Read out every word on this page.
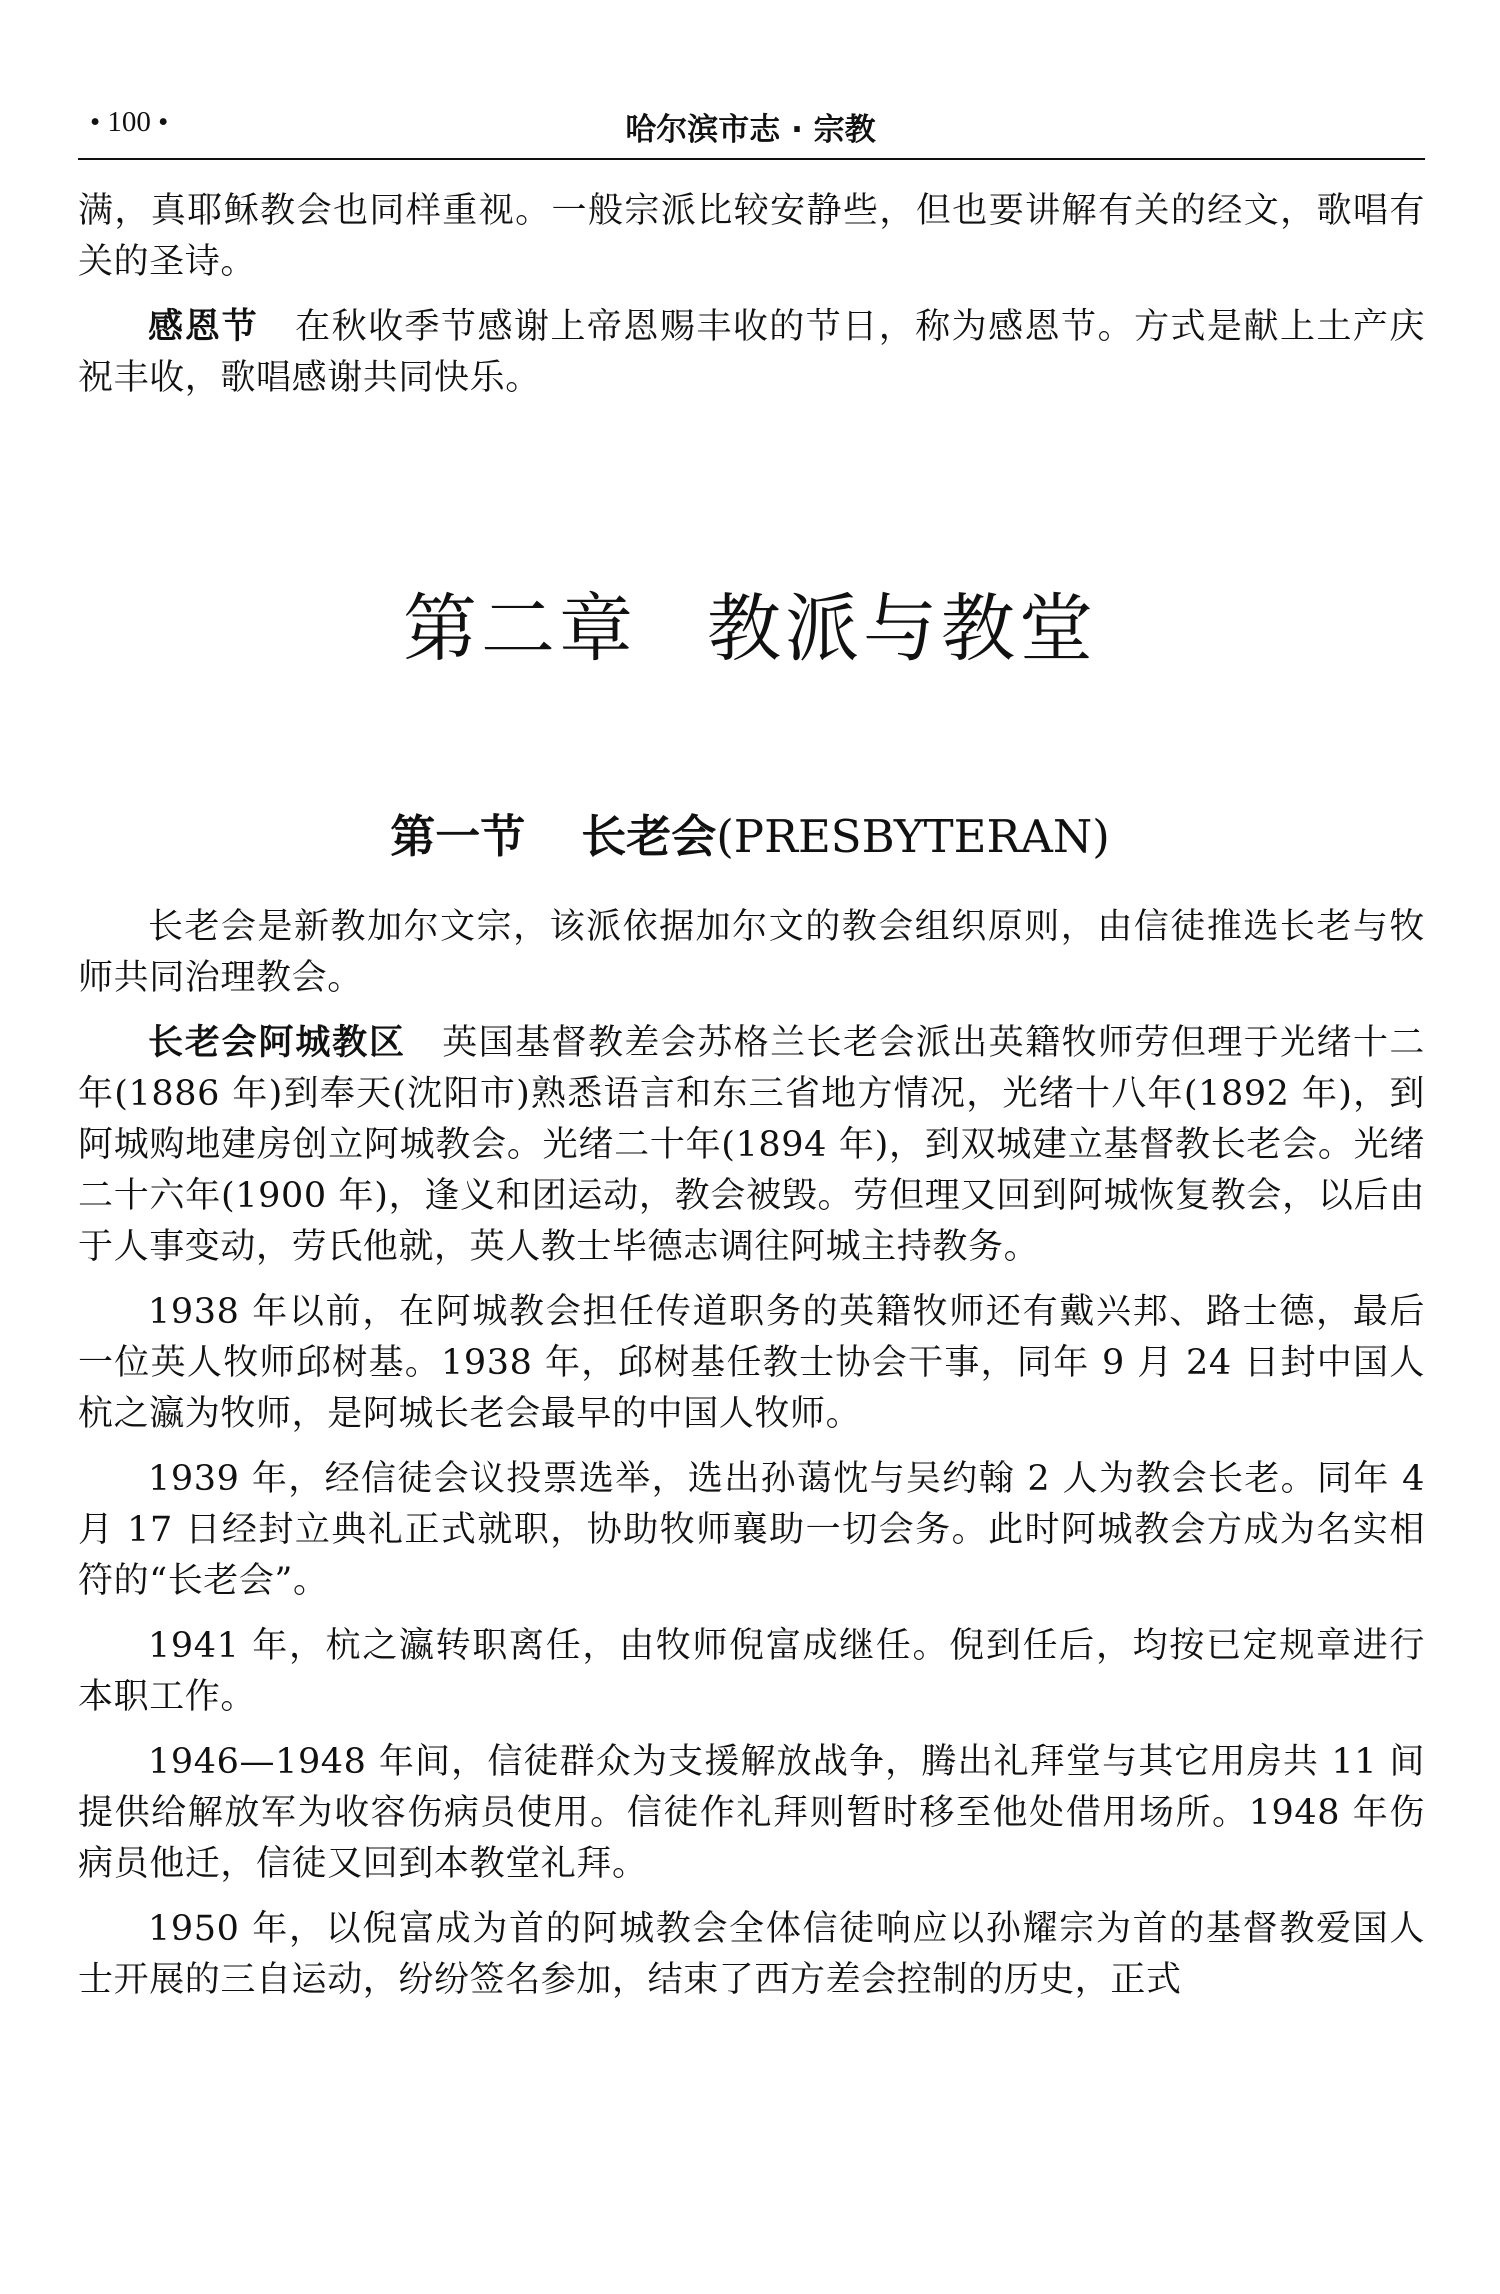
• 100 •	哈尔滨市志 · 宗教

满，真耶稣教会也同样重视。一般宗派比较安静些，但也要讲解有关的经文，歌唱有关的圣诗。

感恩节　在秋收季节感谢上帝恩赐丰收的节日，称为感恩节。方式是献上土产庆祝丰收，歌唱感谢共同快乐。

第二章 教派与教堂
第一节 长老会(PRESBYTERAN)

长老会是新教加尔文宗，该派依据加尔文的教会组织原则，由信徒推选长老与牧师共同治理教会。

长老会阿城教区　英国基督教差会苏格兰长老会派出英籍牧师劳但理于光绪十二年(1886 年)到奉天(沈阳市)熟悉语言和东三省地方情况，光绪十八年(1892 年)，到阿城购地建房创立阿城教会。光绪二十年(1894 年)，到双城建立基督教长老会。光绪二十六年(1900 年)，逢义和团运动，教会被毁。劳但理又回到阿城恢复教会，以后由于人事变动，劳氏他就，英人教士毕德志调往阿城主持教务。

1938 年以前，在阿城教会担任传道职务的英籍牧师还有戴兴邦、路士德，最后一位英人牧师邱树基。1938 年，邱树基任教士协会干事，同年 9 月 24 日封中国人杭之瀛为牧师，是阿城长老会最早的中国人牧师。

1939 年，经信徒会议投票选举，选出孙蔼忱与吴约翰 2 人为教会长老。同年 4 月 17 日经封立典礼正式就职，协助牧师襄助一切会务。此时阿城教会方成为名实相符的“长老会”。

1941 年，杭之瀛转职离任，由牧师倪富成继任。倪到任后，均按已定规章进行本职工作。

1946—1948 年间，信徒群众为支援解放战争，腾出礼拜堂与其它用房共 11 间提供给解放军为收容伤病员使用。信徒作礼拜则暂时移至他处借用场所。1948 年伤病员他迁，信徒又回到本教堂礼拜。

1950 年，以倪富成为首的阿城教会全体信徒响应以孙耀宗为首的基督教爱国人士开展的三自运动，纷纷签名参加，结束了西方差会控制的历史，正式
